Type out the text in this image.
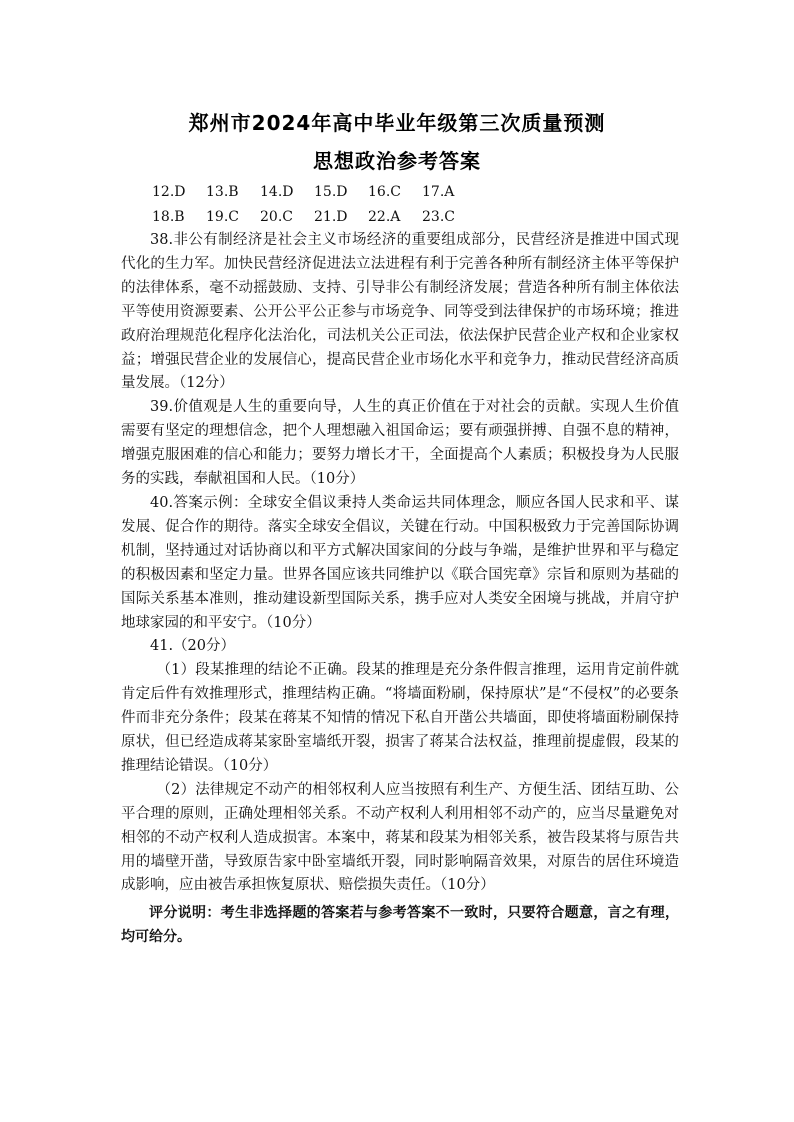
郑州市2024年高中毕业年级第三次质量预测
思想政治参考答案
12.D 13.B 14.D 15.D 16.C 17.A
18.B 19.C 20.C 21.D 22.A 23.C

38.非公有制经济是社会主义市场经济的重要组成部分，民营经济是推进中国式现代化的生力军。加快民营经济促进法立法进程有利于完善各种所有制经济主体平等保护的法律体系，毫不动摇鼓励、支持、引导非公有制经济发展；营造各种所有制主体依法平等使用资源要素、公开公平公正参与市场竞争、同等受到法律保护的市场环境；推进政府治理规范化程序化法治化，司法机关公正司法，依法保护民营企业产权和企业家权益；增强民营企业的发展信心，提高民营企业市场化水平和竞争力，推动民营经济高质量发展。（12分）

39.价值观是人生的重要向导，人生的真正价值在于对社会的贡献。实现人生价值需要有坚定的理想信念，把个人理想融入祖国命运；要有顽强拼搏、自强不息的精神，增强克服困难的信心和能力；要努力增长才干，全面提高个人素质；积极投身为人民服务的实践，奉献祖国和人民。（10分）

40.答案示例：全球安全倡议秉持人类命运共同体理念，顺应各国人民求和平、谋发展、促合作的期待。落实全球安全倡议，关键在行动。中国积极致力于完善国际协调机制，坚持通过对话协商以和平方式解决国家间的分歧与争端，是维护世界和平与稳定的积极因素和坚定力量。世界各国应该共同维护以《联合国宪章》宗旨和原则为基础的国际关系基本准则，推动建设新型国际关系，携手应对人类安全困境与挑战，并肩守护地球家园的和平安宁。（10分）

41.（20分）

（1）段某推理的结论不正确。段某的推理是充分条件假言推理，运用肯定前件就肯定后件有效推理形式，推理结构正确。“将墙面粉刷，保持原状”是“不侵权”的必要条件而非充分条件；段某在蒋某不知情的情况下私自开凿公共墙面，即使将墙面粉刷保持原状，但已经造成蒋某家卧室墙纸开裂，损害了蒋某合法权益，推理前提虚假，段某的推理结论错误。（10分）

（2）法律规定不动产的相邻权利人应当按照有利生产、方便生活、团结互助、公平合理的原则，正确处理相邻关系。不动产权利人利用相邻不动产的，应当尽量避免对相邻的不动产权利人造成损害。本案中，蒋某和段某为相邻关系，被告段某将与原告共用的墙壁开凿，导致原告家中卧室墙纸开裂，同时影响隔音效果，对原告的居住环境造成影响，应由被告承担恢复原状、赔偿损失责任。（10分）

评分说明：考生非选择题的答案若与参考答案不一致时，只要符合题意，言之有理，均可给分。
